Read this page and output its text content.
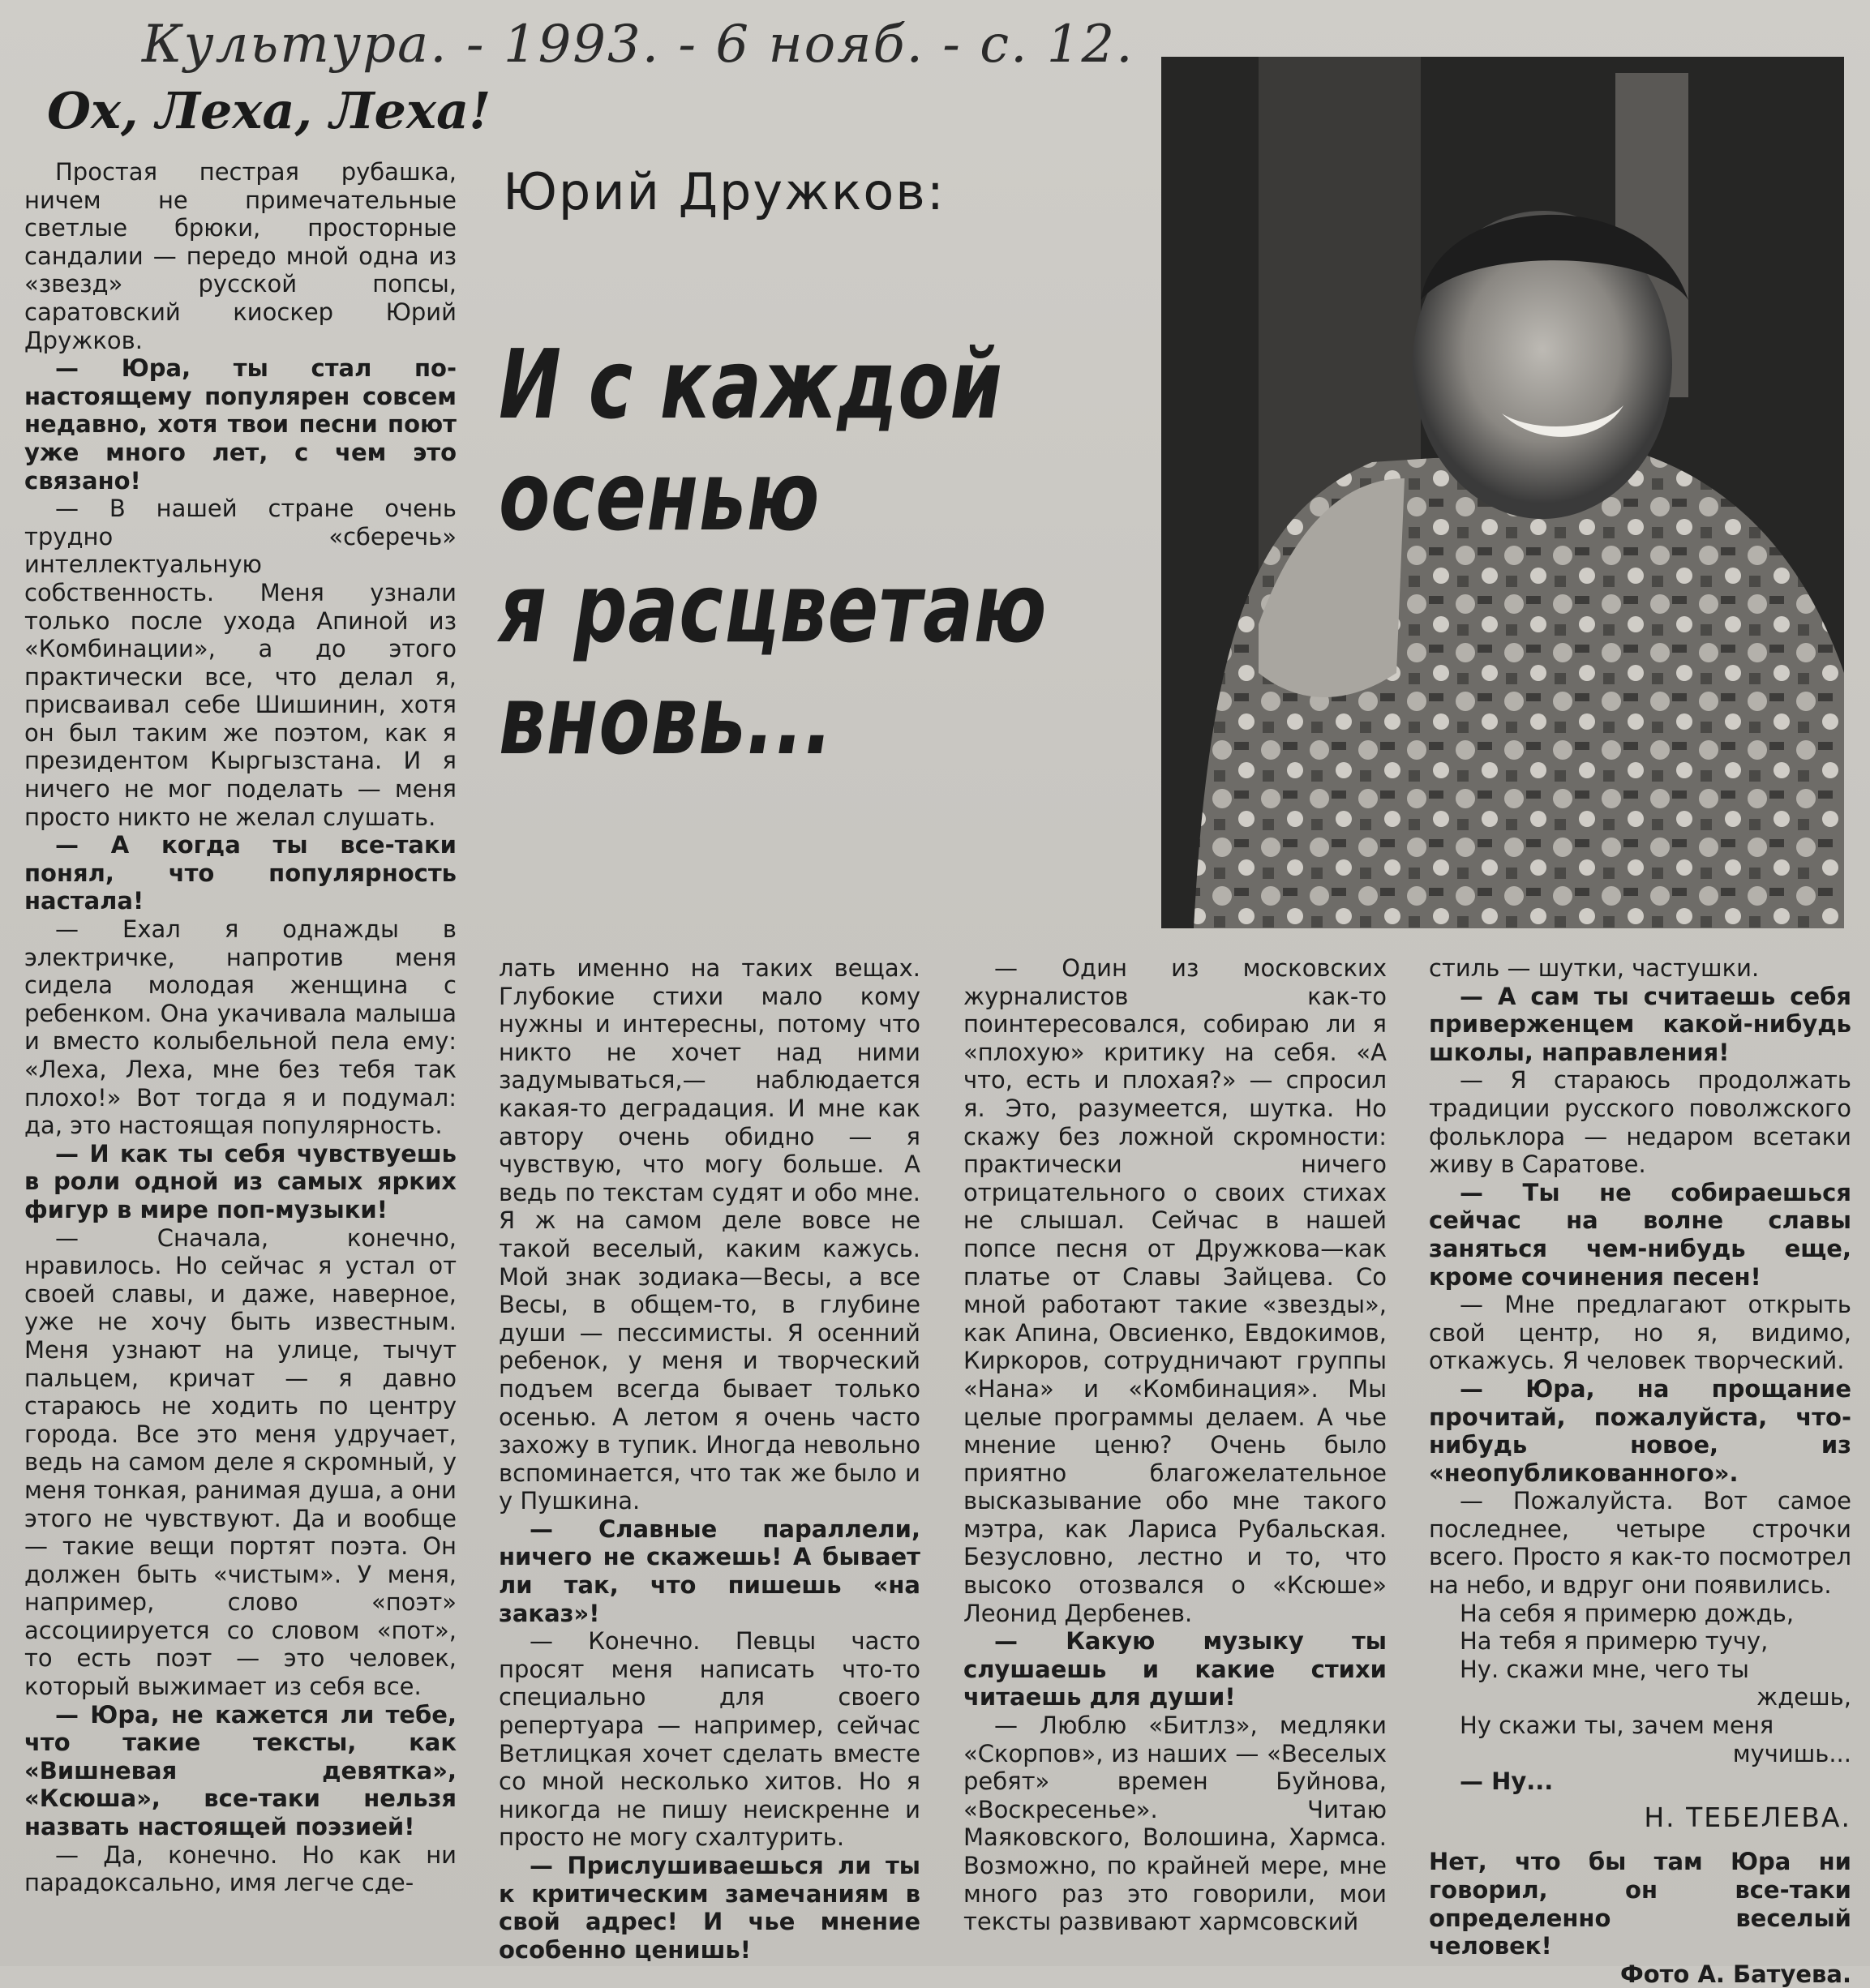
Культура. - 1993. - 6 нояб. - с. 12.
Ох, Леха, Леха!
Юрий Дружков:
И с каждой
осенью
я расцветаю
вновь...

Простая пестрая рубашка, ничем не примечательные светлые брюки, просторные сандалии — передо мной одна из «звезд» русской попсы, саратовский киоскер Юрий Дружков.

— Юра, ты стал по-настоящему популярен совсем недавно, хотя твои песни поют уже много лет, с чем это связано!

— В нашей стране очень трудно «сберечь» интеллектуальную собственность. Меня узнали только после ухода Апиной из «Комбинации», а до этого практически все, что делал я, присваивал себе Шишинин, хотя он был таким же поэтом, как я президентом Кыргызстана. И я ничего не мог поделать — меня просто никто не желал слушать.

— А когда ты все-таки понял, что популярность настала!

— Ехал я однажды в электричке, напротив меня сидела молодая женщина с ребенком. Она укачивала малыша и вместо колыбельной пела ему: «Леха, Леха, мне без тебя так плохо!» Вот тогда я и подумал: да, это настоящая популярность.

— И как ты себя чувствуешь в роли одной из самых ярких фигур в мире поп-музыки!

— Сначала, конечно, нравилось. Но сейчас я устал от своей славы, и даже, наверное, уже не хочу быть известным. Меня узнают на улице, тычут пальцем, кричат — я давно стараюсь не ходить по центру города. Все это меня удручает, ведь на самом деле я скромный, у меня тонкая, ранимая душа, а они этого не чувствуют. Да и вообще — такие вещи портят поэта. Он должен быть «чистым». У меня, например, слово «поэт» ассоциируется со словом «пот», то есть поэт — это человек, который выжимает из себя все.

— Юра, не кажется ли тебе, что такие тексты, как «Вишневая девятка», «Ксюша», все-таки нельзя назвать настоящей поэзией!

— Да, конечно. Но как ни парадоксально, имя легче сде-

лать именно на таких вещах. Глубокие стихи мало кому нужны и интересны, потому что никто не хочет над ними задумываться,— наблюдается какая-то деградация. И мне как автору очень обидно — я чувствую, что могу больше. А ведь по текстам судят и обо мне. Я ж на самом деле вовсе не такой веселый, каким кажусь. Мой знак зодиака—Весы, а все Весы, в общем-то, в глубине души — пессимисты. Я осенний ребенок, у меня и творческий подъем всегда бывает только осенью. А летом я очень часто захожу в тупик. Иногда невольно вспоминается, что так же было и у Пушкина.

— Славные параллели, ничего не скажешь! А бывает ли так, что пишешь «на заказ»!

— Конечно. Певцы часто просят меня написать что-то специально для своего репертуара — например, сейчас Ветлицкая хочет сделать вместе со мной несколько хитов. Но я никогда не пишу неискренне и просто не могу схалтурить.

— Прислушиваешься ли ты к критическим замечаниям в свой адрес! И чье мнение особенно ценишь!

— Один из московских журналистов как-то поинтересовался, собираю ли я «плохую» критику на себя. «А что, есть и плохая?» — спросил я. Это, разумеется, шутка. Но скажу без ложной скромности: практически ничего отрицательного о своих стихах не слышал. Сейчас в нашей попсе песня от Дружкова—как платье от Славы Зайцева. Со мной работают такие «звезды», как Апина, Овсиенко, Евдокимов, Киркоров, сотрудничают группы «Нана» и «Комбинация». Мы целые программы делаем. А чье мнение ценю? Очень было приятно благожелательное высказывание обо мне такого мэтра, как Лариса Рубальская. Безусловно, лестно и то, что высоко отозвался о «Ксюше» Леонид Дербенев.

— Какую музыку ты слушаешь и какие стихи читаешь для души!

— Люблю «Битлз», медляки «Скорпов», из наших — «Веселых ребят» времен Буйнова, «Воскресенье». Читаю Маяковского, Волошина, Хармса. Возможно, по крайней мере, мне много раз это говорили, мои тексты развивают хармсовский

стиль — шутки, частушки.

— А сам ты считаешь себя приверженцем какой-нибудь школы, направления!

— Я стараюсь продолжать традиции русского поволжского фольклора — недаром всетаки живу в Саратове.

— Ты не собираешься сейчас на волне славы заняться чем-нибудь еще, кроме сочинения песен!

— Мне предлагают открыть свой центр, но я, видимо, откажусь. Я человек творческий.

— Юра, на прощание прочитай, пожалуйста, что-нибудь новое, из «неопубликованного».

— Пожалуйста. Вот самое последнее, четыре строчки всего. Просто я как-то посмотрел на небо, и вдруг они появились.

На себя я примерю дождь,

На тебя я примерю тучу,

Ну. скажи мне, чего ты

ждешь,

Ну скажи ты, зачем меня

мучишь...

— Ну...

Н. ТЕБЕЛЕВА.

Нет, что бы там Юра ни говорил, он все-таки определенно веселый человек!

Фото А. Батуева.
